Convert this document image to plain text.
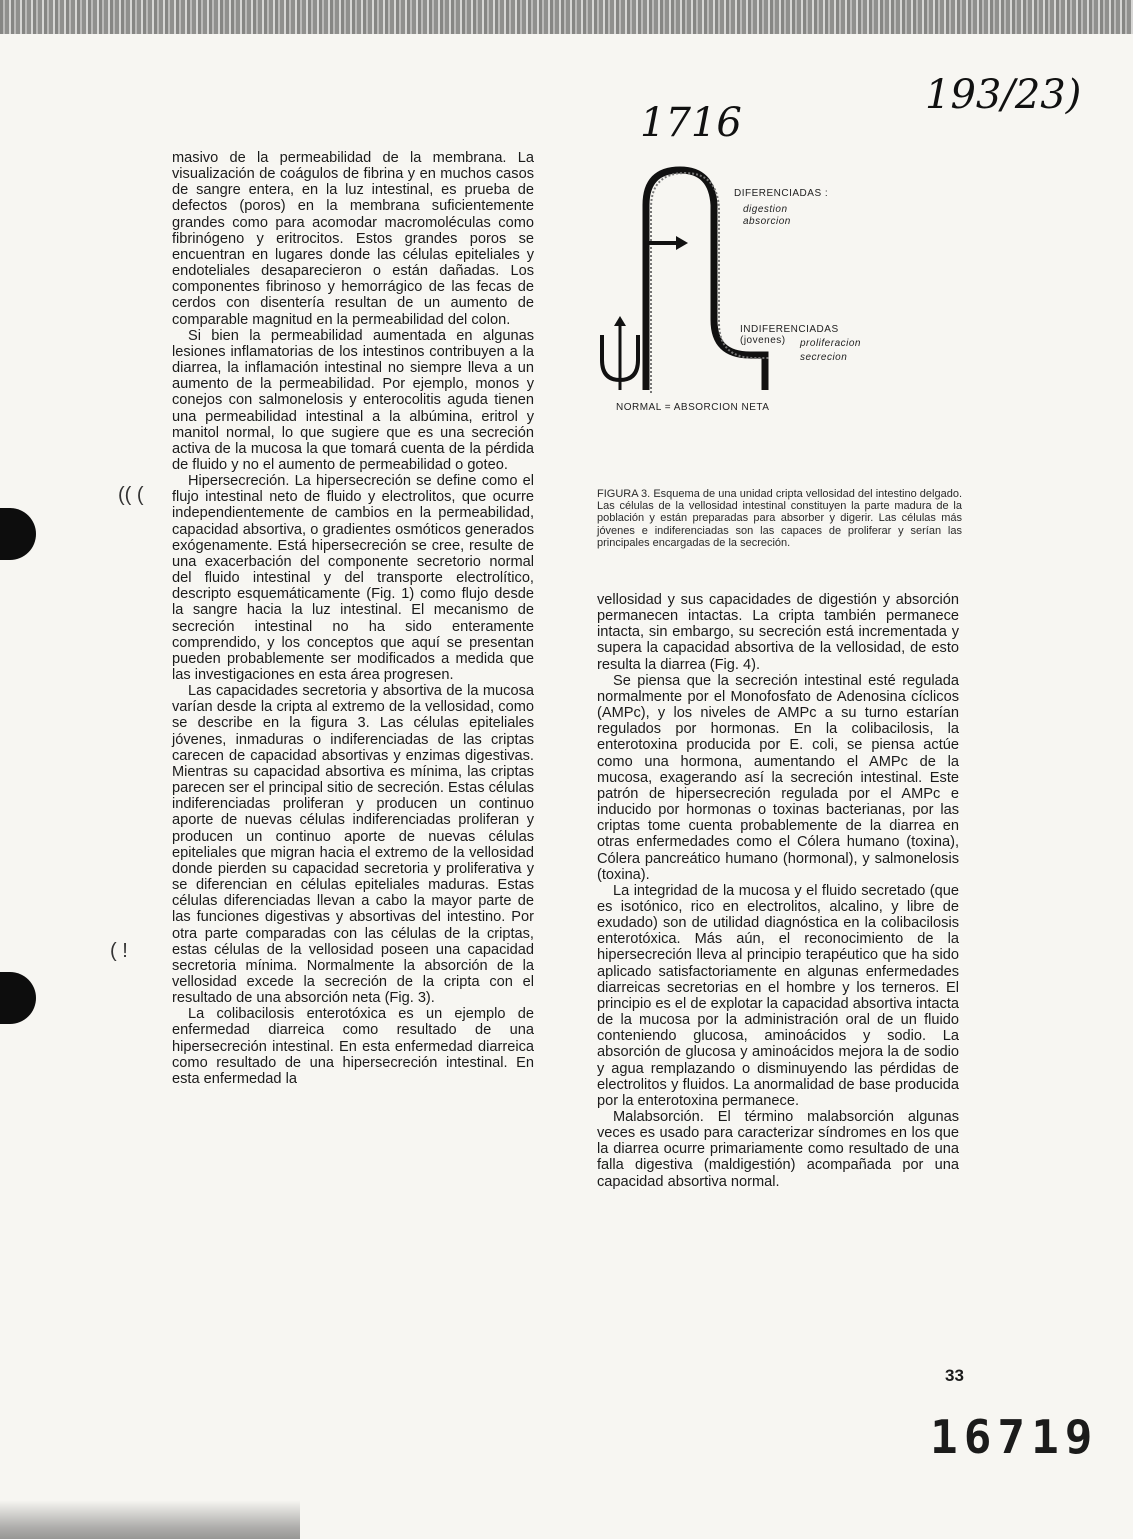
(( (
( !
1716
193/23)
DIFERENCIADAS :
digestion
absorcion
INDIFERENCIADAS (jovenes)	proliferacion
secrecion
NORMAL = ABSORCION NETA
FIGURA 3. Esquema de una unidad cripta vellosidad del intestino delgado. Las células de la vellosidad intestinal constituyen la parte madura de la población y están preparadas para absorber y digerir. Las células más jóvenes e indiferenciadas son las capaces de proliferar y serían las principales encargadas de la secreción.

masivo de la permeabilidad de la membrana. La visualización de coágulos de fibrina y en muchos casos de sangre entera, en la luz intestinal, es prueba de defectos (poros) en la membrana suficientemente grandes como para acomodar macromoléculas como fibrinógeno y eritrocitos. Estos grandes poros se encuentran en lugares donde las células epiteliales y endoteliales desaparecieron o están dañadas. Los componentes fibrinoso y hemorrágico de las fecas de cerdos con disentería resultan de un aumento de comparable magnitud en la permeabilidad del colon.

Si bien la permeabilidad aumentada en algunas lesiones inflamatorias de los intestinos contribuyen a la diarrea, la inflamación intestinal no siempre lleva a un aumento de la permeabilidad. Por ejemplo, monos y conejos con salmonelosis y enterocolitis aguda tienen una permeabilidad intestinal a la albúmina, eritrol y manitol normal, lo que sugiere que es una secreción activa de la mucosa la que tomará cuenta de la pérdida de fluido y no el aumento de permeabilidad o goteo.

Hipersecreción. La hipersecreción se define como el flujo intestinal neto de fluido y electrolitos, que ocurre independientemente de cambios en la permeabilidad, capacidad absortiva, o gradientes osmóticos generados exógenamente. Está hipersecreción se cree, resulte de una exacerbación del componente secretorio normal del fluido intestinal y del transporte electrolítico, descripto esquemáticamente (Fig. 1) como flujo desde la sangre hacia la luz intestinal. El mecanismo de secreción intestinal no ha sido enteramente comprendido, y los conceptos que aquí se presentan pueden probablemente ser modificados a medida que las investigaciones en esta área progresen.

Las capacidades secretoria y absortiva de la mucosa varían desde la cripta al extremo de la vellosidad, como se describe en la figura 3. Las células epiteliales jóvenes, inmaduras o indiferenciadas de las criptas carecen de capacidad absortivas y enzimas digestivas. Mientras su capacidad absortiva es mínima, las criptas parecen ser el principal sitio de secreción. Estas células indiferenciadas proliferan y producen un continuo aporte de nuevas células indiferenciadas proliferan y producen un continuo aporte de nuevas células epiteliales que migran hacia el extremo de la vellosidad donde pierden su capacidad secretoria y proliferativa y se diferencian en células epiteliales maduras. Estas células diferenciadas llevan a cabo la mayor parte de las funciones digestivas y absortivas del intestino. Por otra parte comparadas con las células de la criptas, estas células de la vellosidad poseen una capacidad secretoria mínima. Normalmente la absorción de la vellosidad excede la secreción de la cripta con el resultado de una absorción neta (Fig. 3).

La colibacilosis enterotóxica es un ejemplo de enfermedad diarreica como resultado de una hipersecreción intestinal. En esta enfermedad diarreica como resultado de una hipersecreción intestinal. En esta enfermedad la

vellosidad y sus capacidades de digestión y absorción permanecen intactas. La cripta también permanece intacta, sin embargo, su secreción está incrementada y supera la capacidad absortiva de la vellosidad, de esto resulta la diarrea (Fig. 4).

Se piensa que la secreción intestinal esté regulada normalmente por el Monofosfato de Adenosina cíclicos (AMPc), y los niveles de AMPc a su turno estarían regulados por hormonas. En la colibacilosis, la enterotoxina producida por E. coli, se piensa actúe como una hormona, aumentando el AMPc de la mucosa, exagerando así la secreción intestinal. Este patrón de hipersecreción regulada por el AMPc e inducido por hormonas o toxinas bacterianas, por las criptas tome cuenta probablemente de la diarrea en otras enfermedades como el Cólera humano (toxina), Cólera pancreático humano (hormonal), y salmonelosis (toxina).

La integridad de la mucosa y el fluido secretado (que es isotónico, rico en electrolitos, alcalino, y libre de exudado) son de utilidad diagnóstica en la colibacilosis enterotóxica. Más aún, el reconocimiento de la hipersecreción lleva al principio terapéutico que ha sido aplicado satisfactoriamente en algunas enfermedades diarreicas secretorias en el hombre y los terneros. El principio es el de explotar la capacidad absortiva intacta de la mucosa por la administración oral de un fluido conteniendo glucosa, aminoácidos y sodio. La absorción de glucosa y aminoácidos mejora la de sodio y agua remplazando o disminuyendo las pérdidas de electrolitos y fluidos. La anormalidad de base producida por la enterotoxina permanece.

Malabsorción. El término malabsorción algunas veces es usado para caracterizar síndromes en los que la diarrea ocurre primariamente como resultado de una falla digestiva (maldigestión) acompañada por una capacidad absortiva normal.

33
16719
